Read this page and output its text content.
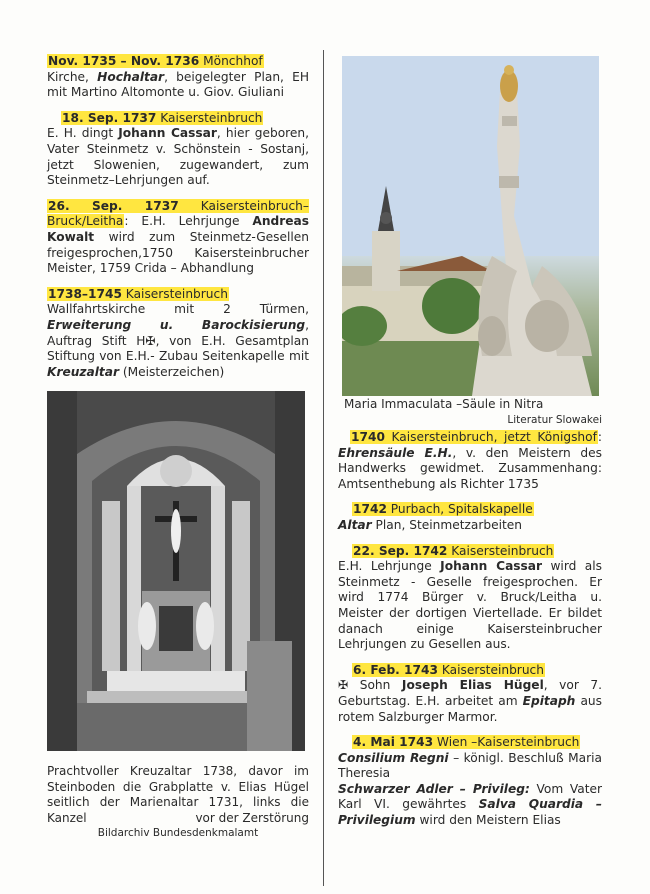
Nov. 1735 – Nov. 1736 Mönchhof

Kirche, Hochaltar, beigelegter Plan, EH mit Martino Altomonte u. Giov. Giuliani

18. Sep. 1737 Kaisersteinbruch

E. H. dingt Johann Cassar, hier geboren, Vater Steinmetz v. Schönstein - Sostanj, jetzt Slowenien, zugewandert, zum Steinmetz–Lehrjungen auf.

26. Sep. 1737 Kaisersteinbruch–Bruck/Leitha: E.H. Lehrjunge Andreas Kowalt wird zum Steinmetz-Gesellen freigesprochen,1750 Kaisersteinbrucher Meister, 1759 Crida – Abhandlung

1738–1745 Kaisersteinbruch

Wallfahrtskirche mit 2 Türmen, Erweiterung u. Barockisierung, Auftrag Stift H✠, von E.H. Gesamtplan Stiftung von E.H.- Zubau Seitenkapelle mit Kreuzaltar (Meisterzeichen)

Prachtvoller Kreuzaltar 1738, davor im Steinboden die Grabplatte v. Elias Hügel seitlich der Marienaltar 1731, links die Kanzel	vor der Zerstörung
Bildarchiv Bundesdenkmalamt
Maria Immaculata –Säule in Nitra
Literatur Slowakei

1740 Kaisersteinbruch, jetzt Königshof: Ehrensäule E.H., v. den Meistern des Handwerks gewidmet. Zusammenhang: Amtsenthebung als Richter 1735

1742 Purbach, Spitalskapelle

Altar Plan, Steinmetzarbeiten

22. Sep. 1742 Kaisersteinbruch

E.H. Lehrjunge Johann Cassar wird als Steinmetz - Geselle freigesprochen. Er wird 1774 Bürger v. Bruck/Leitha u. Meister der dortigen Viertellade. Er bildet danach einige Kaisersteinbrucher Lehrjungen zu Gesellen aus.

6. Feb. 1743 Kaisersteinbruch

✠ Sohn Joseph Elias Hügel, vor 7. Geburtstag. E.H. arbeitet am Epitaph aus rotem Salzburger Marmor.

4. Mai 1743 Wien –Kaisersteinbruch

Consilium Regni – königl. Beschluß Maria Theresia
Schwarzer Adler – Privileg: Vom Vater Karl VI. gewährtes Salva Quardia – Privilegium wird den Meistern Elias
